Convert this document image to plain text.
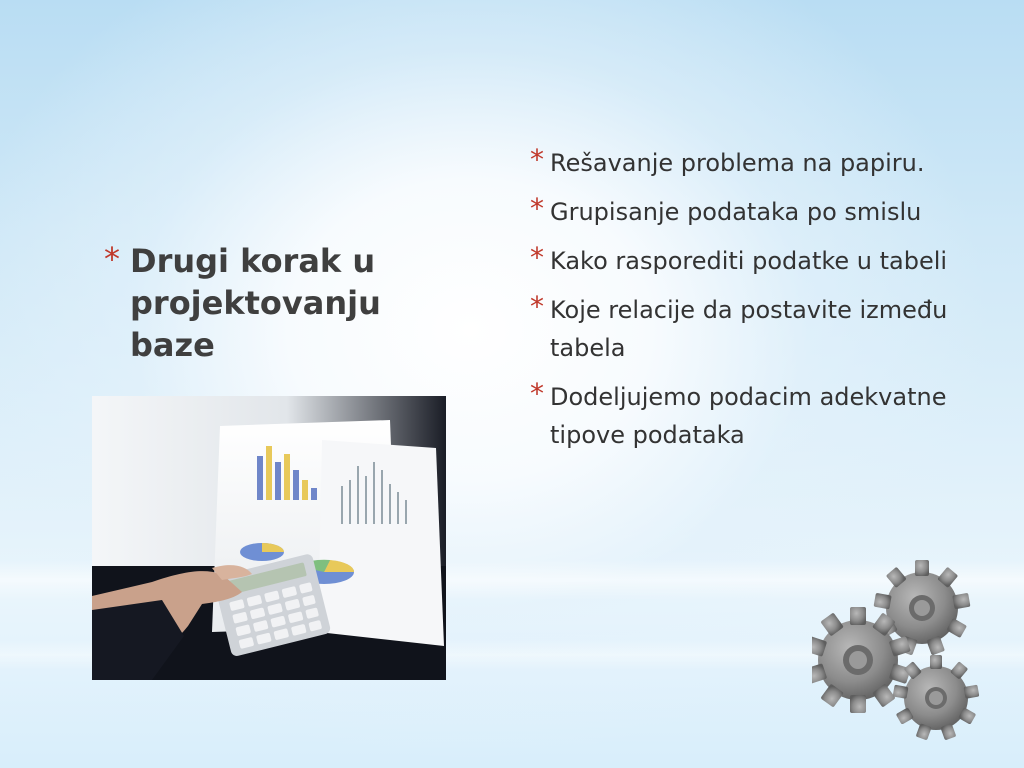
* Drugi korak u projektovanju baze
* Rešavanje problema na papiru.
* Grupisanje podataka po smislu
* Kako rasporediti podatke u tabeli
* Koje relacije da postavite između tabela
* Dodeljujemo podacim adekvatne tipove podataka
